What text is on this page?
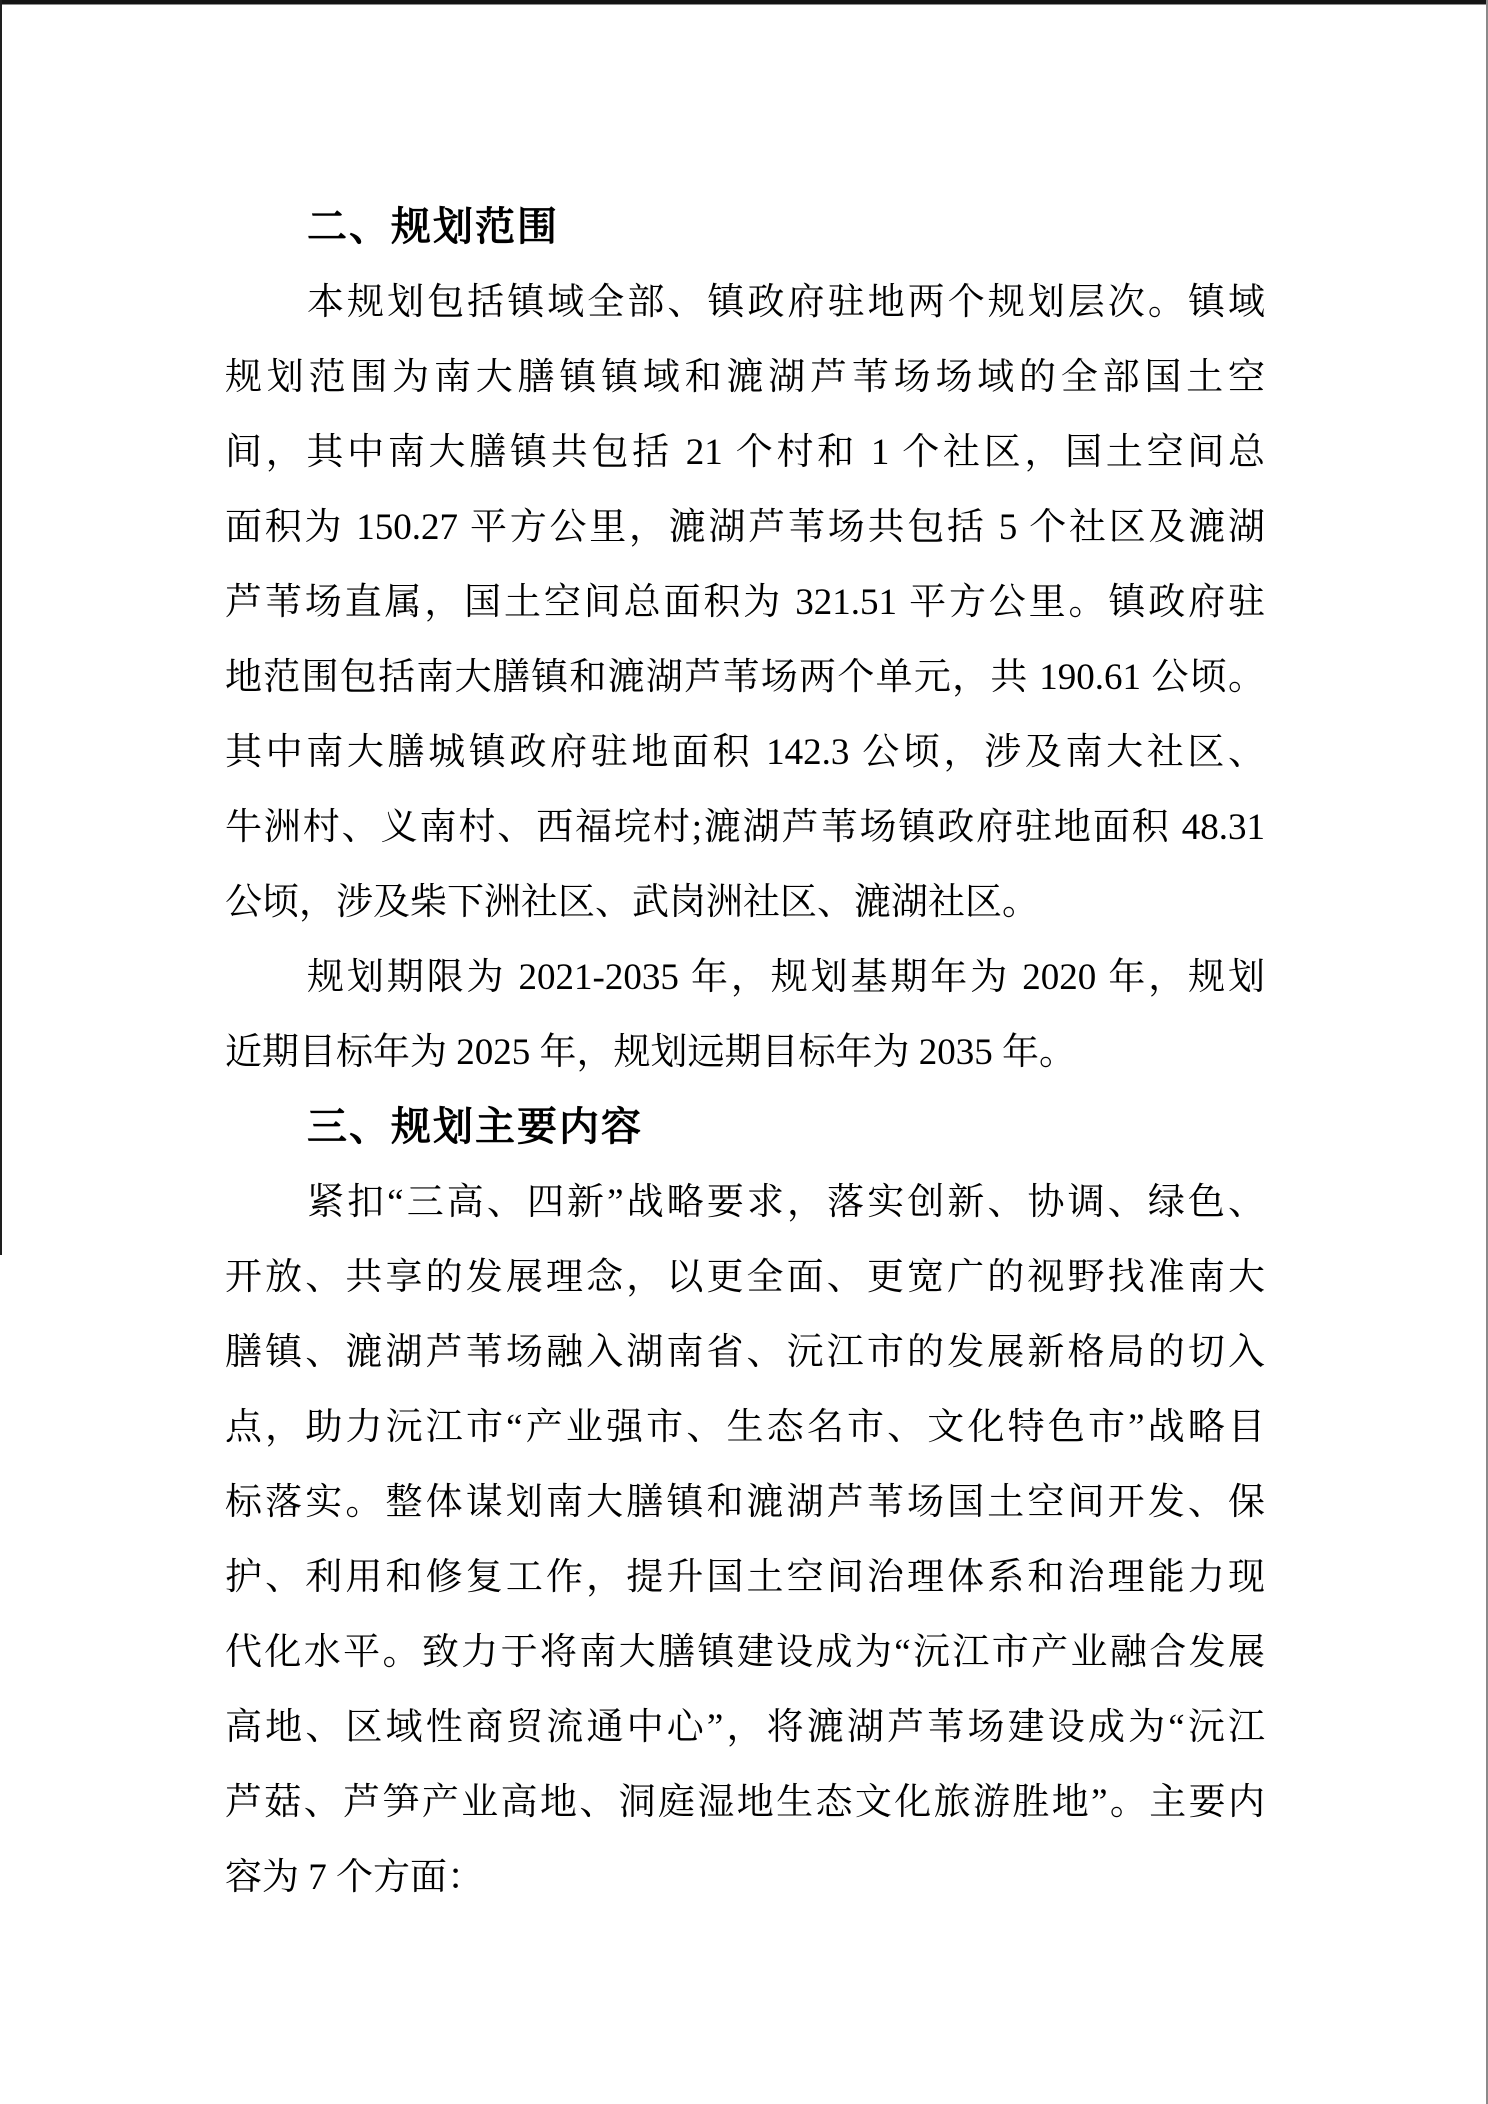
二、规划范围
本规划包括镇域全部、镇政府驻地两个规划层次。镇域
规划范围为南大膳镇镇域和漉湖芦苇场场域的全部国土空
间，其中南大膳镇共包括 21 个村和 1 个社区，国土空间总
面积为 150.27 平方公里，漉湖芦苇场共包括 5 个社区及漉湖
芦苇场直属，国土空间总面积为 321.51 平方公里。镇政府驻
地范围包括南大膳镇和漉湖芦苇场两个单元，共 190.61 公顷。
其中南大膳城镇政府驻地面积 142.3 公顷，涉及南大社区、
牛洲村、义南村、西福垸村;漉湖芦苇场镇政府驻地面积 48.31
公顷，涉及柴下洲社区、武岗洲社区、漉湖社区。
规划期限为 2021-2035 年，规划基期年为 2020 年，规划
近期目标年为 2025 年，规划远期目标年为 2035 年。
三、规划主要内容
紧扣“三高、四新”战略要求，落实创新、协调、绿色、
开放、共享的发展理念，以更全面、更宽广的视野找准南大
膳镇、漉湖芦苇场融入湖南省、沅江市的发展新格局的切入
点，助力沅江市“产业强市、生态名市、文化特色市”战略目
标落实。整体谋划南大膳镇和漉湖芦苇场国土空间开发、保
护、利用和修复工作，提升国土空间治理体系和治理能力现
代化水平。致力于将南大膳镇建设成为“沅江市产业融合发展
高地、区域性商贸流通中心”，将漉湖芦苇场建设成为“沅江
芦菇、芦笋产业高地、洞庭湿地生态文化旅游胜地”。主要内
容为 7 个方面：
